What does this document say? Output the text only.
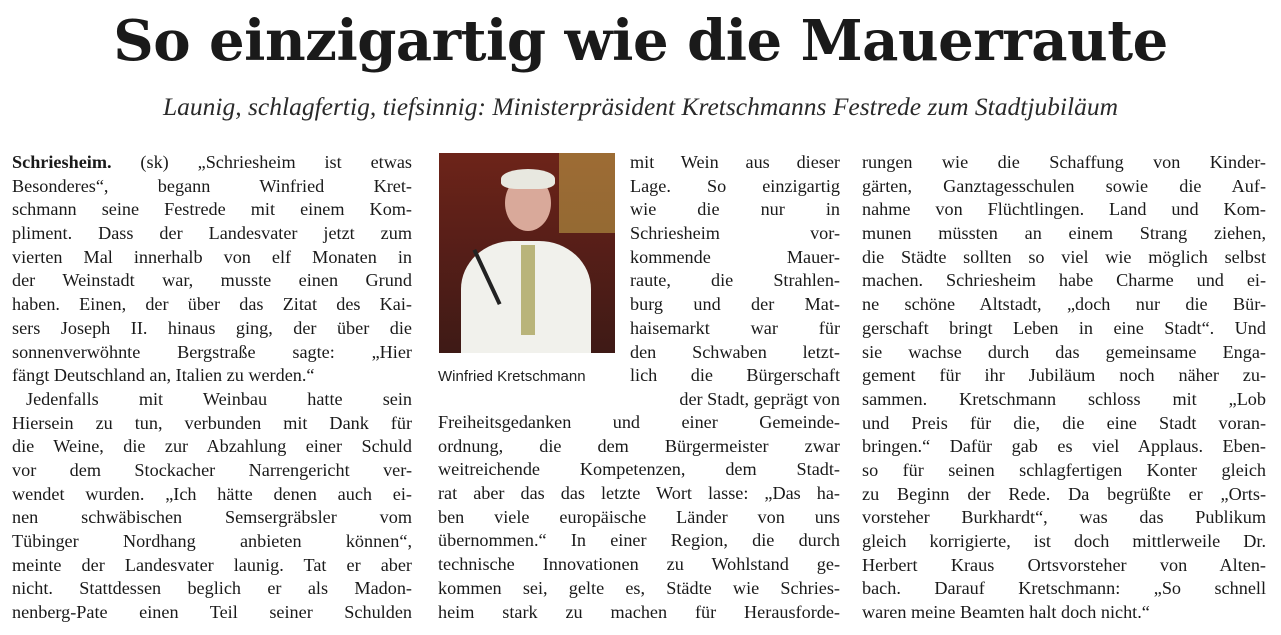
So einzigartig wie die Mauerraute
Launig, schlagfertig, tiefsinnig: Ministerpräsident Kretschmanns Festrede zum Stadtjubiläum
Schriesheim. (sk) „Schriesheim ist etwas
Besonderes“, begann Winfried Kret-
schmann seine Festrede mit einem Kom-
pliment. Dass der Landesvater jetzt zum
vierten Mal innerhalb von elf Monaten in
der Weinstadt war, musste einen Grund
haben. Einen, der über das Zitat des Kai-
sers Joseph II. hinaus ging, der über die
sonnenverwöhnte Bergstraße sagte: „Hier
fängt Deutschland an, Italien zu werden.“
Jedenfalls mit Weinbau hatte sein
Hiersein zu tun, verbunden mit Dank für
die Weine, die zur Abzahlung einer Schuld
vor dem Stockacher Narrengericht ver-
wendet wurden. „Ich hätte denen auch ei-
nen schwäbischen Semsergräbsler vom
Tübinger Nordhang anbieten können“,
meinte der Landesvater launig. Tat er aber
nicht. Stattdessen beglich er als Madon-
nenberg-Pate einen Teil seiner Schulden
Winfried Kretschmann
mit Wein aus dieser
Lage. So einzigartig
wie die nur in
Schriesheim vor-
kommende Mauer-
raute, die Strahlen-
burg und der Mat-
haisemarkt war für
den Schwaben letzt-
lich die Bürgerschaft
der Stadt, geprägt von
Freiheitsgedanken und einer Gemeinde-
ordnung, die dem Bürgermeister zwar
weitreichende Kompetenzen, dem Stadt-
rat aber das das letzte Wort lasse: „Das ha-
ben viele europäische Länder von uns
übernommen.“ In einer Region, die durch
technische Innovationen zu Wohlstand ge-
kommen sei, gelte es, Städte wie Schries-
heim stark zu machen für Herausforde-
rungen wie die Schaffung von Kinder-
gärten, Ganztagesschulen sowie die Auf-
nahme von Flüchtlingen. Land und Kom-
munen müssten an einem Strang ziehen,
die Städte sollten so viel wie möglich selbst
machen. Schriesheim habe Charme und ei-
ne schöne Altstadt, „doch nur die Bür-
gerschaft bringt Leben in eine Stadt“. Und
sie wachse durch das gemeinsame Enga-
gement für ihr Jubiläum noch näher zu-
sammen. Kretschmann schloss mit „Lob
und Preis für die, die eine Stadt voran-
bringen.“ Dafür gab es viel Applaus. Eben-
so für seinen schlagfertigen Konter gleich
zu Beginn der Rede. Da begrüßte er „Orts-
vorsteher Burkhardt“, was das Publikum
gleich korrigierte, ist doch mittlerweile Dr.
Herbert Kraus Ortsvorsteher von Alten-
bach. Darauf Kretschmann: „So schnell
waren meine Beamten halt doch nicht.“
